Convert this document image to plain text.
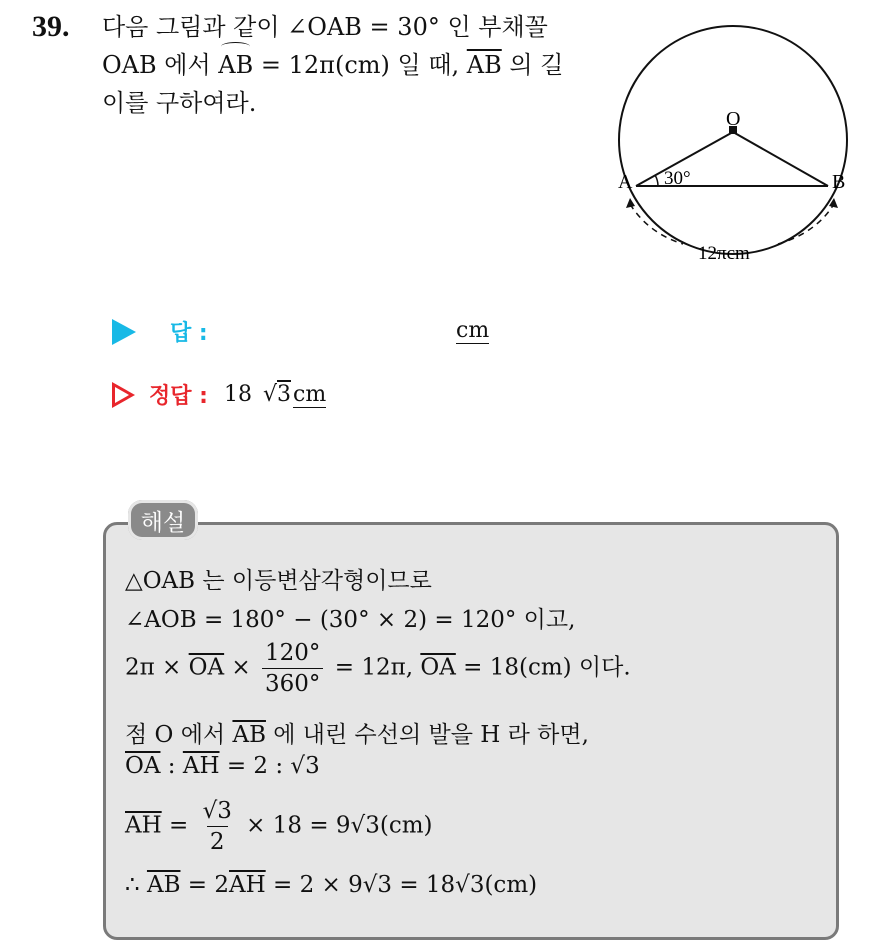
39. 다음 그림과 같이 ∠OAB = 30° 인 부채꼴
OAB 에서 AB = 12π(cm) 일 때, $\overline{AB}$ 의 길
이를 구하여라.
O
A	B
30°
12πcm
답 :	cm
정답 : 18 √3cm
해설
△OAB 는 이등변삼각형이므로
∠AOB = 180° − (30° × 2) = 120° 이고,
$2\pi \times \overline{OA} \times \frac{120^\circ}{360^\circ} = 12\pi$, $\overline{OA} = 18(cm)$ 이다.
점 O 에서 $\overline{AB}$ 에 내린 수선의 발을 H 라 하면,
$\overline{OA}$ : $\overline{AH} = 2$ : √3
$\overline{AH} = \frac{√3}{2} \times 18 = 9√3(cm)$
∴ $\overline{AB} = 2\overline{AH} = 2 \times 9√3 = 18√3(cm)$
